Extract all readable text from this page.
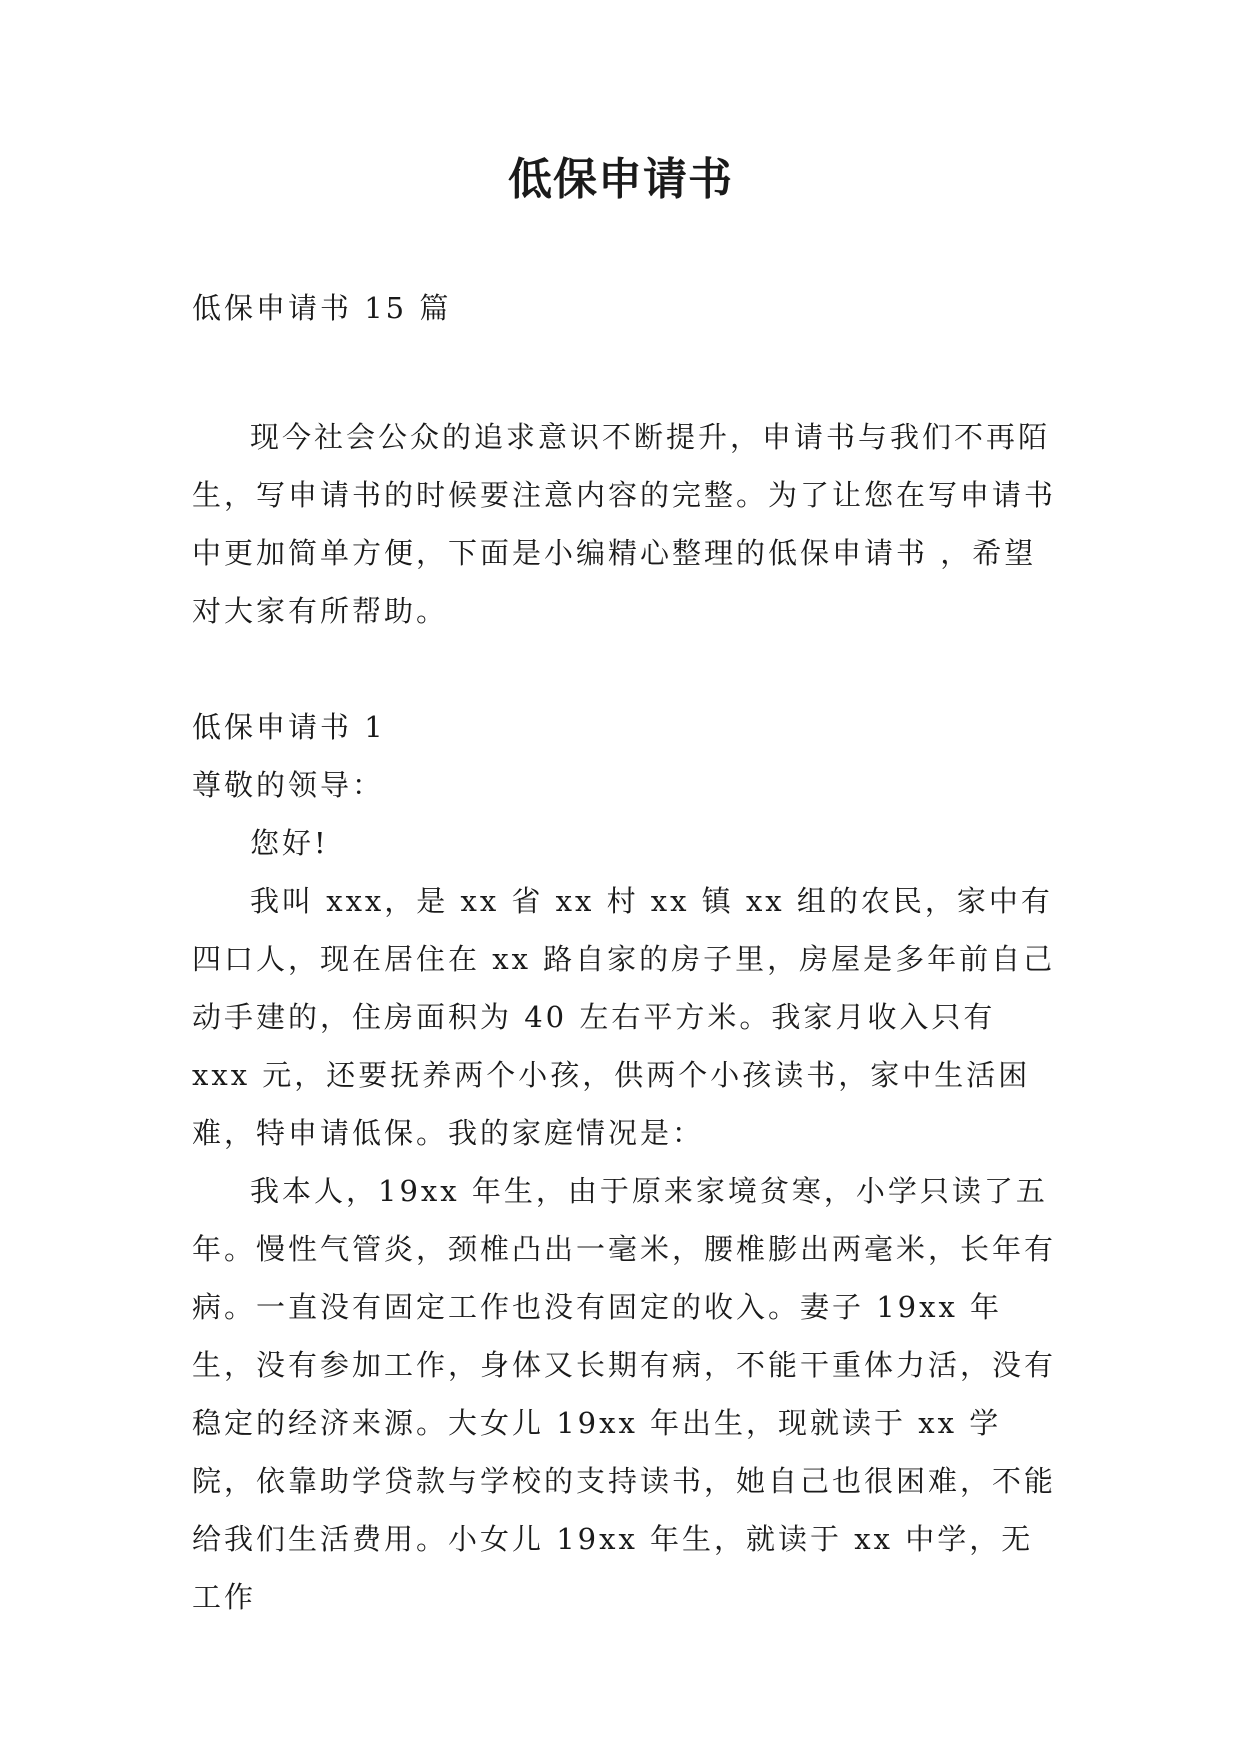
低保申请书

低保申请书 15 篇

现今社会公众的追求意识不断提升，申请书与我们不再陌生，写申请书的时候要注意内容的完整。为了让您在写申请书中更加简单方便，下面是小编精心整理的低保申请书 ，希望对大家有所帮助。

低保申请书 1

尊敬的领导：

您好!

我叫 xxx，是 xx 省 xx 村 xx 镇 xx 组的农民，家中有四口人，现在居住在 xx 路自家的房子里，房屋是多年前自己动手建的，住房面积为 40 左右平方米。我家月收入只有 xxx 元，还要抚养两个小孩，供两个小孩读书，家中生活困难，特申请低保。我的家庭情况是：

我本人，19xx 年生，由于原来家境贫寒，小学只读了五年。慢性气管炎，颈椎凸出一毫米，腰椎膨出两毫米，长年有病。一直没有固定工作也没有固定的收入。妻子 19xx 年生，没有参加工作，身体又长期有病，不能干重体力活，没有稳定的经济来源。大女儿 19xx 年出生，现就读于 xx 学院，依靠助学贷款与学校的支持读书，她自己也很困难，不能给我们生活费用。小女儿 19xx 年生，就读于 xx 中学，无工作
